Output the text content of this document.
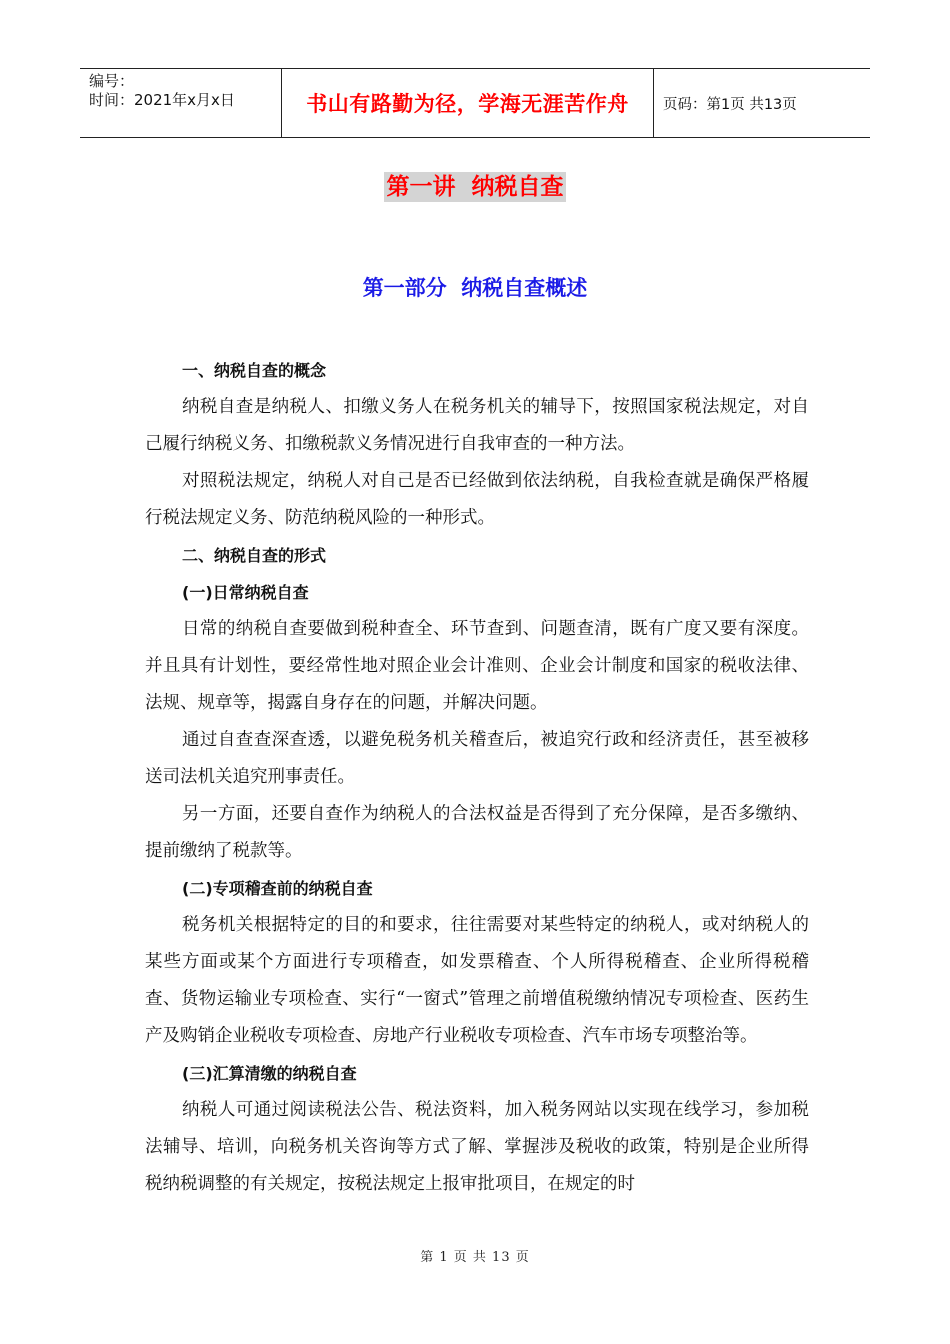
编号：
时间：2021年x月x日	书山有路勤为径，学海无涯苦作舟	页码：第1页 共13页
第一讲  纳税自查
第一部分  纳税自查概述

一、纳税自查的概念

纳税自查是纳税人、扣缴义务人在税务机关的辅导下，按照国家税法规定，对自己履行纳税义务、扣缴税款义务情况进行自我审查的一种方法。

对照税法规定，纳税人对自己是否已经做到依法纳税，自我检查就是确保严格履行税法规定义务、防范纳税风险的一种形式。

二、纳税自查的形式

(一)日常纳税自查

日常的纳税自查要做到税种查全、环节查到、问题查清，既有广度又要有深度。并且具有计划性，要经常性地对照企业会计准则、企业会计制度和国家的税收法律、法规、规章等，揭露自身存在的问题，并解决问题。

通过自查查深查透，以避免税务机关稽查后，被追究行政和经济责任，甚至被移送司法机关追究刑事责任。

另一方面，还要自查作为纳税人的合法权益是否得到了充分保障，是否多缴纳、提前缴纳了税款等。

(二)专项稽查前的纳税自查

税务机关根据特定的目的和要求，往往需要对某些特定的纳税人，或对纳税人的某些方面或某个方面进行专项稽查，如发票稽查、个人所得税稽查、企业所得税稽查、货物运输业专项检查、实行“一窗式”管理之前增值税缴纳情况专项检查、医药生产及购销企业税收专项检查、房地产行业税收专项检查、汽车市场专项整治等。

(三)汇算清缴的纳税自查

纳税人可通过阅读税法公告、税法资料，加入税务网站以实现在线学习，参加税法辅导、培训，向税务机关咨询等方式了解、掌握涉及税收的政策，特别是企业所得税纳税调整的有关规定，按税法规定上报审批项目，在规定的时

第 1 页 共 13 页
